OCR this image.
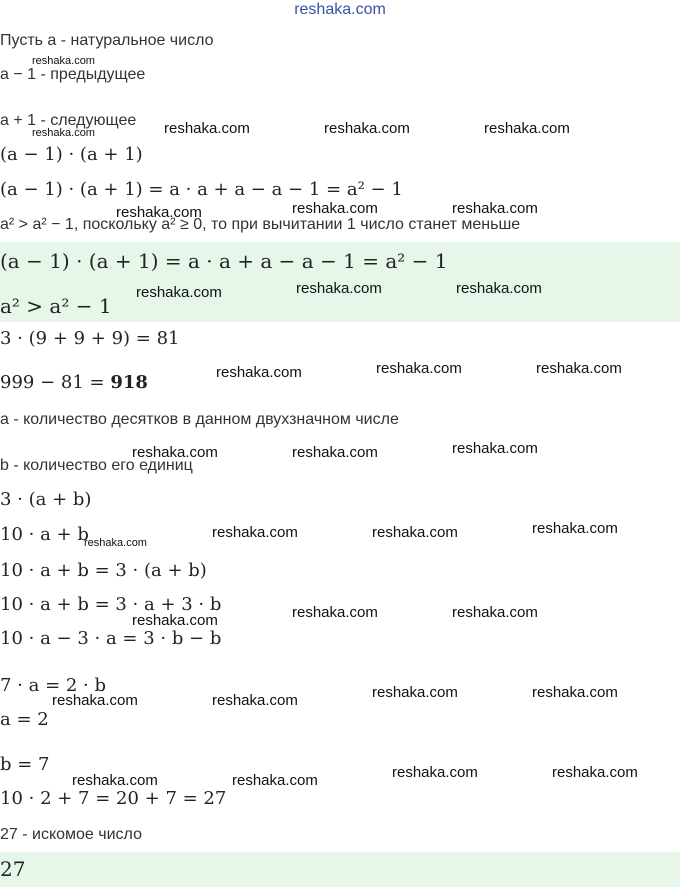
reshaka.com
Пусть a - натуральное число
a − 1 - предыдущее
a + 1 - следующее
(a − 1) · (a + 1)
(a − 1) · (a + 1) = a · a + a − a − 1 = a² − 1
a² > a² − 1, поскольку a² ≥ 0, то при вычитании 1 число станет меньше
(a − 1) · (a + 1) = a · a + a − a − 1 = a² − 1
a² > a² − 1
3 · (9 + 9 + 9) = 81
999 − 81 = 918
a - количество десятков в данном двухзначном числе
b - количество его единиц
3 · (a + b)
10 · a + b
10 · a + b = 3 · (a + b)
10 · a + b = 3 · a + 3 · b
10 · a − 3 · a = 3 · b − b
7 · a = 2 · b
a = 2
b = 7
10 · 2 + 7 = 20 + 7 = 27
27 - искомое число
27
reshaka.com
reshaka.com	reshaka.com	reshaka.com	reshaka.com
reshaka.com	reshaka.com	reshaka.com
reshaka.com	reshaka.com	reshaka.com
reshaka.com	reshaka.com	reshaka.com
reshaka.com	reshaka.com	reshaka.com
reshaka.com
reshaka.com	reshaka.com	reshaka.com
reshaka.com	reshaka.com	reshaka.com
reshaka.com	reshaka.com	reshaka.com	reshaka.com
reshaka.com	reshaka.com	reshaka.com	reshaka.com
